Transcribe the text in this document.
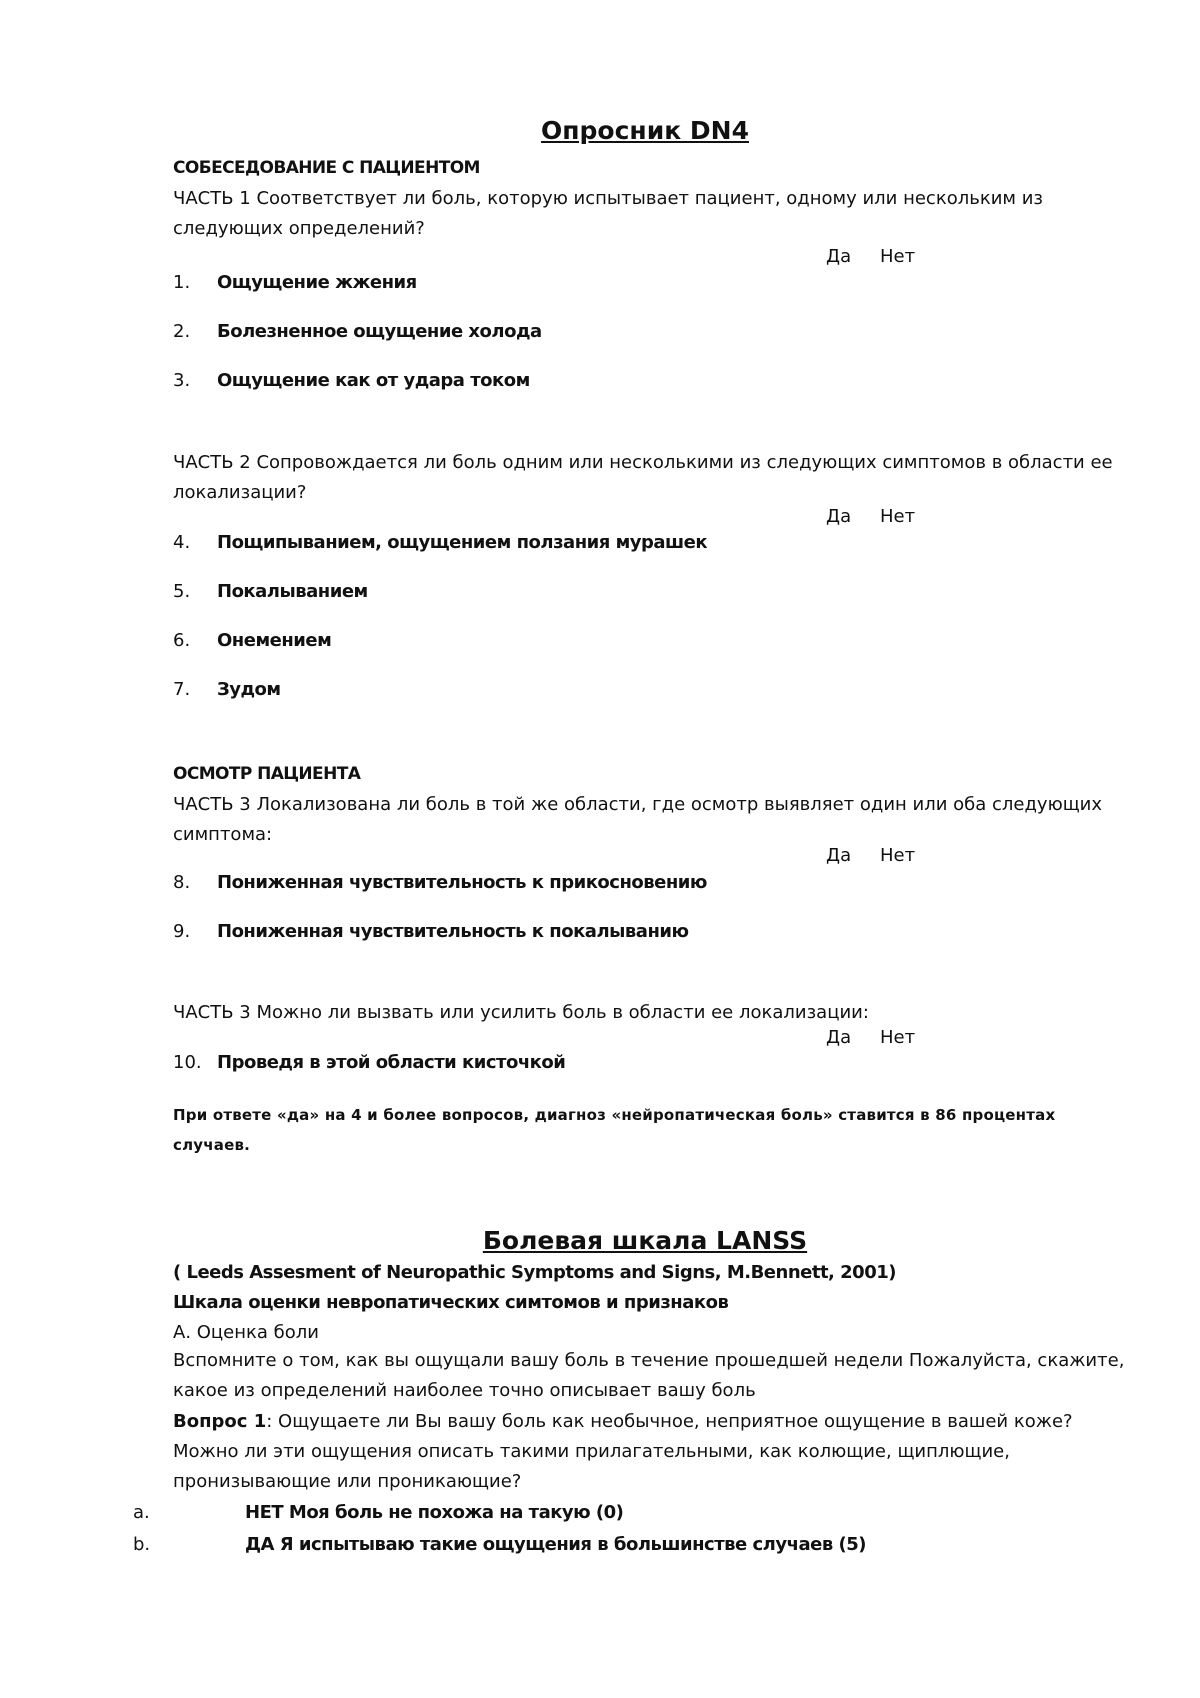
Опросник DN4
СОБЕСЕДОВАНИЕ С ПАЦИЕНТОМ
ЧАСТЬ 1 Соответствует ли боль, которую испытывает пациент, одному или нескольким из следующих определений?
Да Нет
1.	Ощущение жжения
2.	Болезненное ощущение холода
3.	Ощущение как от удара током
ЧАСТЬ 2 Сопровождается ли боль одним или несколькими из следующих симптомов в области ее локализации?
Да Нет
4.	Пощипыванием, ощущением ползания мурашек
5.	Покалыванием
6.	Онемением
7.	Зудом
ОСМОТР ПАЦИЕНТА
ЧАСТЬ 3 Локализована ли боль в той же области, где осмотр выявляет один или оба следующих симптома:
Да Нет
8.	Пониженная чувствительность к прикосновению
9.	Пониженная чувствительность к покалыванию
ЧАСТЬ 3 Можно ли вызвать или усилить боль в области ее локализации:
Да Нет
10. Проведя в этой области кисточкой
При ответе «да» на 4 и более вопросов, диагноз «нейропатическая боль» ставится в 86 процентах случаев.
Болевая шкала LANSS
( Leeds Assesment of Neuropathic Symptoms and Signs, M.Bennett, 2001)
Шкала оценки невропатических симтомов и признаков
А. Оценка боли
Вспомните о том, как вы ощущали вашу боль в течение прошедшей недели Пожалуйста, скажите, какое из определений наиболее точно описывает вашу боль
Вопрос 1: Ощущаете ли Вы вашу боль как необычное, неприятное ощущение в вашей коже? Можно ли эти ощущения описать такими прилагательными, как колющие, щиплющие, пронизывающие или проникающие?
a.	НЕТ Моя боль не похожа на такую (0)
b.	ДА Я испытываю такие ощущения в большинстве случаев (5)
